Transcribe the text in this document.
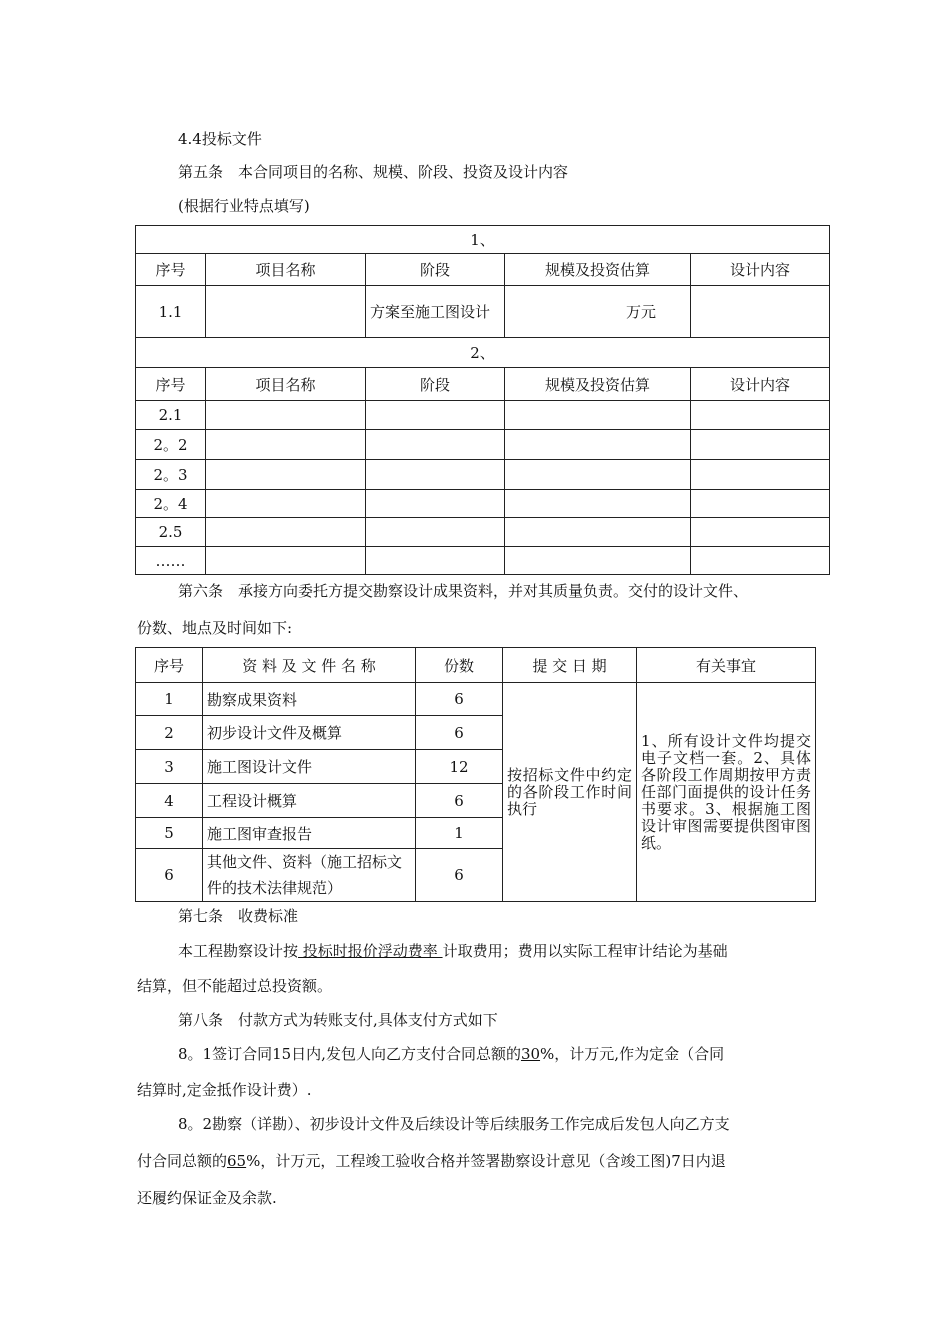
4.4投标文件
第五条　本合同项目的名称、规模、阶段、投资及设计内容
(根据行业特点填写)
1、				
序号	项目名称	阶段	规模及投资估算	设计内容
1.1		方案至施工图设计	万元	
2、				
序号	项目名称	阶段	规模及投资估算	设计内容
2.1				
2。2				
2。3				
2。4				
2.5				
……				
第六条　承接方向委托方提交勘察设计成果资料，并对其质量负责。交付的设计文件、
份数、地点及时间如下:
序号	资 料 及 文 件 名 称	份数	提 交 日 期	有关事宜
1	勘察成果资料	6	按招标文件中约定的各阶段工作时间执行	1、所有设计文件均提交电子文档一套。2、具体各阶段工作周期按甲方责任部门面提供的设计任务书要求。3、根据施工图设计审图需要提供图审图纸。
2	初步设计文件及概算	6		
3	施工图设计文件	12		
4	工程设计概算	6		
5	施工图审查报告	1		
6	其他文件、资料（施工招标文件的技术法律规范）	6		
第七条　收费标准
本工程勘察设计按 投标时报价浮动费率 计取费用；费用以实际工程审计结论为基础
结算，但不能超过总投资额。
第八条　付款方式为转账支付,具体支付方式如下
8。1签订合同15日内,发包人向乙方支付合同总额的30%，计万元,作为定金（合同
结算时,定金抵作设计费）.
8。2勘察（详勘）、初步设计文件及后续设计等后续服务工作完成后发包人向乙方支
付合同总额的65%，计万元，工程竣工验收合格并签署勘察设计意见（含竣工图)7日内退
还履约保证金及余款.
